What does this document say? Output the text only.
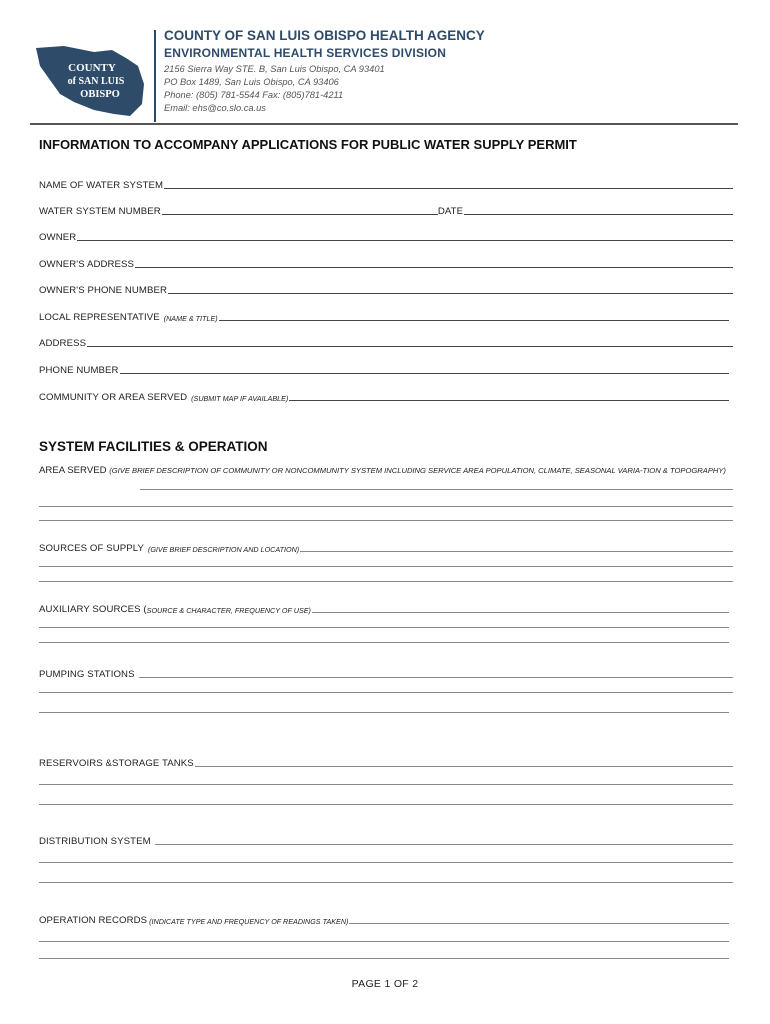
COUNTY
of SAN LUIS
OBISPO
COUNTY OF SAN LUIS OBISPO HEALTH AGENCY
ENVIRONMENTAL HEALTH SERVICES DIVISION
2156 Sierra Way STE. B, San Luis Obispo, CA 93401
PO Box 1489, San Luis Obispo, CA 93406
Phone: (805) 781-5544 Fax: (805)781-4211
Email: ehs@co.slo.ca.us
INFORMATION TO ACCOMPANY APPLICATIONS FOR PUBLIC WATER SUPPLY PERMIT
NAME OF WATER SYSTEM
WATER SYSTEM NUMBER	DATE
OWNER
OWNER'S ADDRESS
OWNER'S PHONE NUMBER
LOCAL REPRESENTATIVE (NAME & TITLE)
ADDRESS
PHONE NUMBER
COMMUNITY OR AREA SERVED (SUBMIT MAP IF AVAILABLE)
SYSTEM FACILITIES & OPERATION
AREA SERVED (GIVE BRIEF DESCRIPTION OF COMMUNITY OR NONCOMMUNITY SYSTEM INCLUDING SERVICE AREA POPULATION, CLIMATE, SEASONAL VARIA-TION & TOPOGRAPHY)
SOURCES OF SUPPLY (GIVE BRIEF DESCRIPTION AND LOCATION)
AUXILIARY SOURCES ( SOURCE & CHARACTER, FREQUENCY OF USE)
PUMPING STATIONS
RESERVOIRS &STORAGE TANKS
DISTRIBUTION SYSTEM
OPERATION RECORDS (INDICATE TYPE AND FREQUENCY OF READINGS TAKEN)
PAGE 1 OF 2
